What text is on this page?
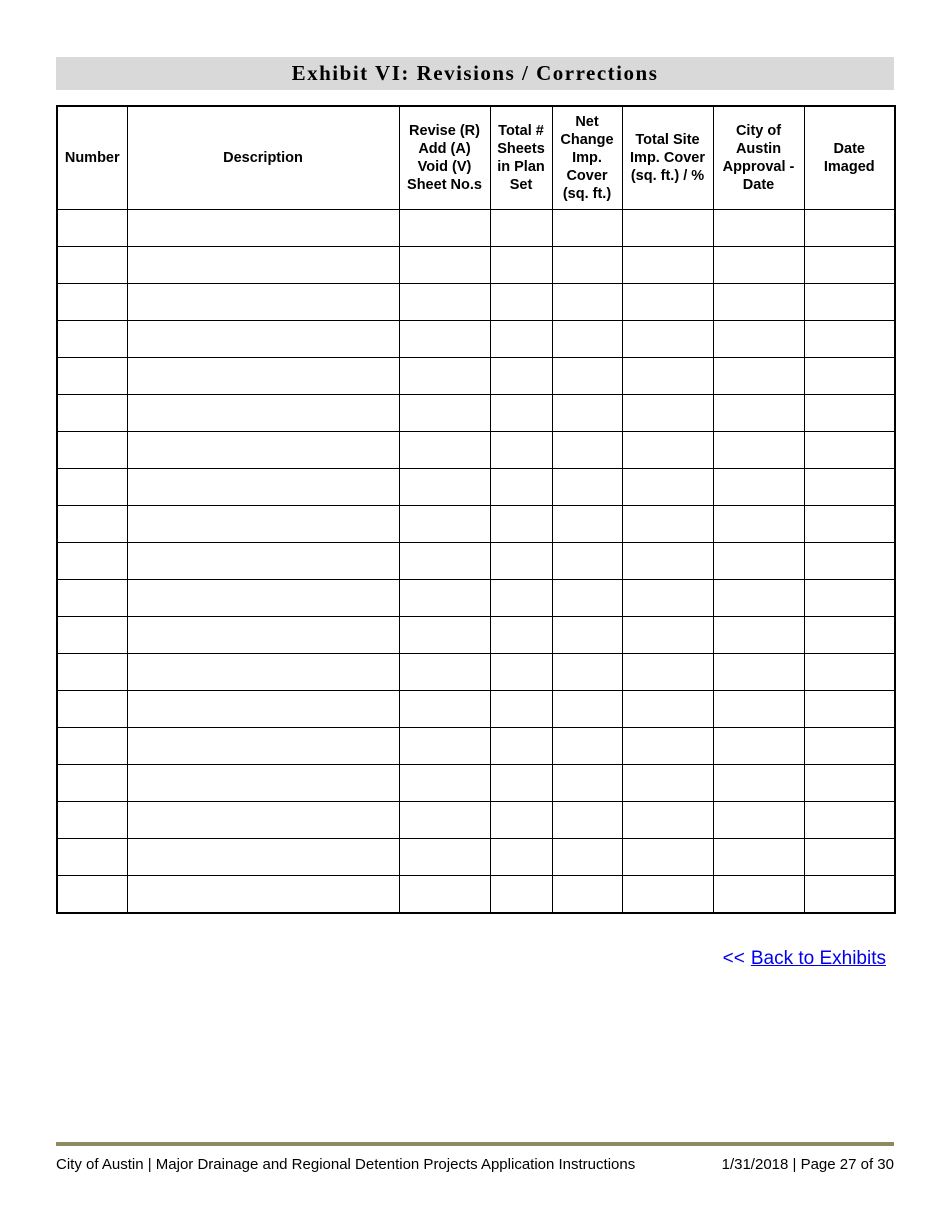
Exhibit VI: Revisions / Corrections
Number	Description	Revise (R)
Add (A)
Void (V)
Sheet No.s	Total #
Sheets
in Plan
Set	Net
Change
Imp.
Cover
(sq. ft.)	Total Site
Imp. Cover
(sq. ft.) / %	City of
Austin
Approval -
Date	Date
Imaged

<< Back to Exhibits
City of Austin | Major Drainage and Regional Detention Projects Application Instructions	1/31/2018 | Page 27 of 30
